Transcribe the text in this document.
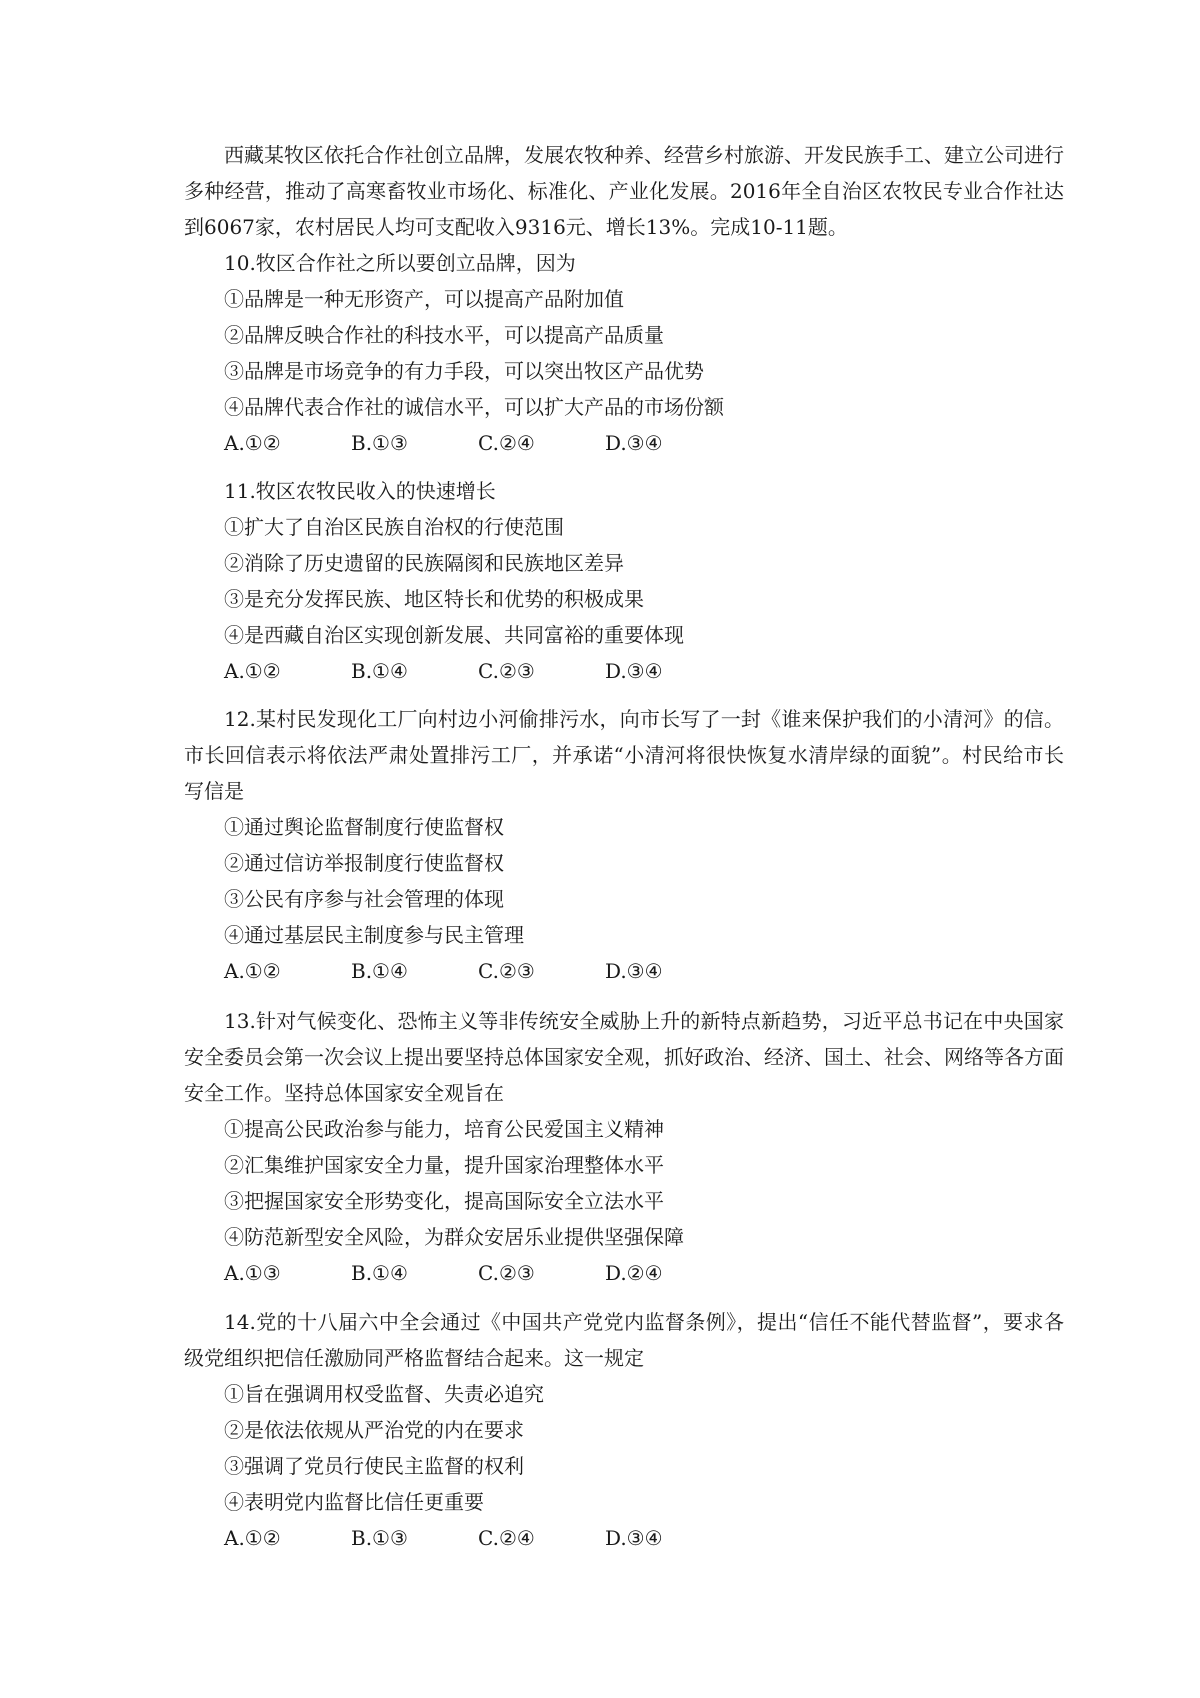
西藏某牧区依托合作社创立品牌，发展农牧种养、经营乡村旅游、开发民族手工、建立公司进行多种经营，推动了高寒畜牧业市场化、标准化、产业化发展。2016年全自治区农牧民专业合作社达到6067家，农村居民人均可支配收入9316元、增长13%。完成10-11题。

10.牧区合作社之所以要创立品牌，因为

①品牌是一种无形资产，可以提高产品附加值

②品牌反映合作社的科技水平，可以提高产品质量

③品牌是市场竞争的有力手段，可以突出牧区产品优势

④品牌代表合作社的诚信水平，可以扩大产品的市场份额

A.①②	B.①③	C.②④	D.③④

11.牧区农牧民收入的快速增长

①扩大了自治区民族自治权的行使范围

②消除了历史遗留的民族隔阂和民族地区差异

③是充分发挥民族、地区特长和优势的积极成果

④是西藏自治区实现创新发展、共同富裕的重要体现

A.①②	B.①④	C.②③	D.③④

12.某村民发现化工厂向村边小河偷排污水，向市长写了一封《谁来保护我们的小清河》的信。市长回信表示将依法严肃处置排污工厂，并承诺“小清河将很快恢复水清岸绿的面貌”。村民给市长写信是

①通过舆论监督制度行使监督权

②通过信访举报制度行使监督权

③公民有序参与社会管理的体现

④通过基层民主制度参与民主管理

A.①②	B.①④	C.②③	D.③④

13.针对气候变化、恐怖主义等非传统安全威胁上升的新特点新趋势，习近平总书记在中央国家安全委员会第一次会议上提出要坚持总体国家安全观，抓好政治、经济、国土、社会、网络等各方面安全工作。坚持总体国家安全观旨在

①提高公民政治参与能力，培育公民爱国主义精神

②汇集维护国家安全力量，提升国家治理整体水平

③把握国家安全形势变化，提高国际安全立法水平

④防范新型安全风险，为群众安居乐业提供坚强保障

A.①③	B.①④	C.②③	D.②④

14.党的十八届六中全会通过《中国共产党党内监督条例》，提出“信任不能代替监督”，要求各级党组织把信任激励同严格监督结合起来。这一规定

①旨在强调用权受监督、失责必追究

②是依法依规从严治党的内在要求

③强调了党员行使民主监督的权利

④表明党内监督比信任更重要

A.①②	B.①③	C.②④	D.③④
